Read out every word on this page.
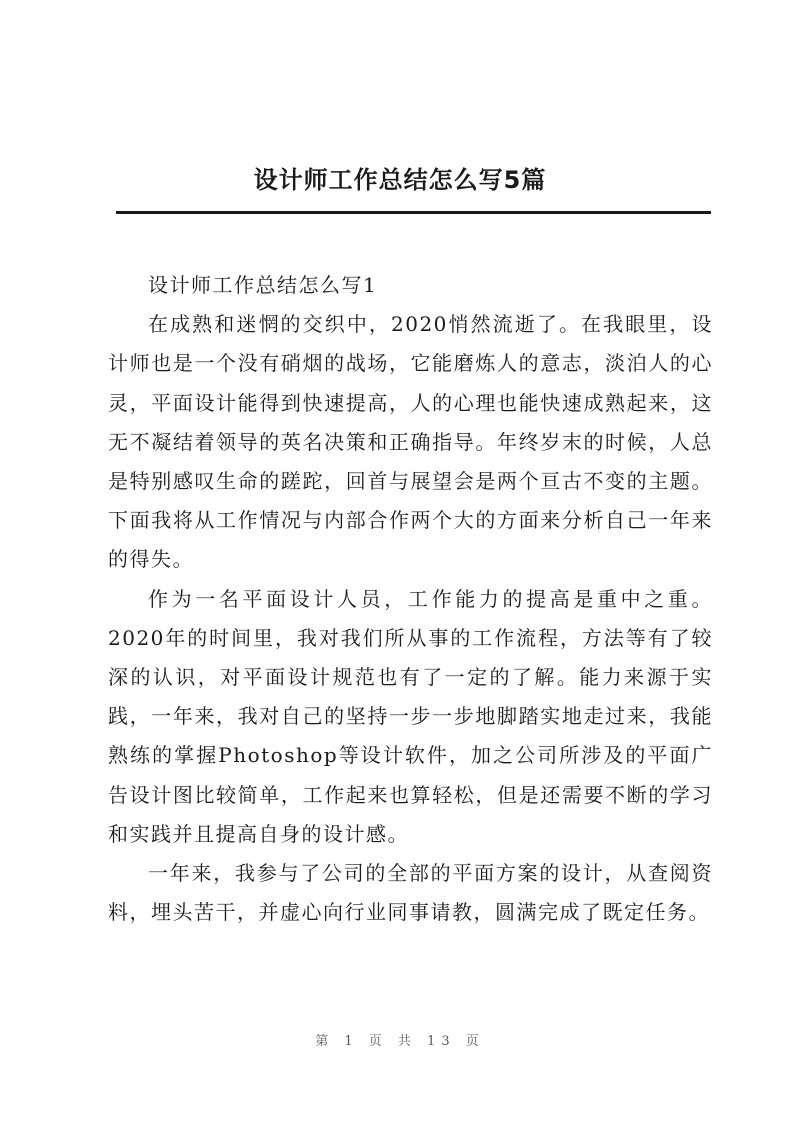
设计师工作总结怎么写5篇

设计师工作总结怎么写1

在成熟和迷惘的交织中，2020悄然流逝了。在我眼里，设计师也是一个没有硝烟的战场，它能磨炼人的意志，淡泊人的心灵，平面设计能得到快速提高，人的心理也能快速成熟起来，这无不凝结着领导的英名决策和正确指导。年终岁末的时候，人总是特别感叹生命的蹉跎，回首与展望会是两个亘古不变的主题。下面我将从工作情况与内部合作两个大的方面来分析自己一年来的得失。

作为一名平面设计人员，工作能力的提高是重中之重。2020年的时间里，我对我们所从事的工作流程，方法等有了较深的认识，对平面设计规范也有了一定的了解。能力来源于实践，一年来，我对自己的坚持一步一步地脚踏实地走过来，我能熟练的掌握Photoshop等设计软件，加之公司所涉及的平面广告设计图比较简单，工作起来也算轻松，但是还需要不断的学习和实践并且提高自身的设计感。

一年来，我参与了公司的全部的平面方案的设计，从查阅资料，埋头苦干，并虚心向行业同事请教，圆满完成了既定任务。

第 1 页 共 13 页
